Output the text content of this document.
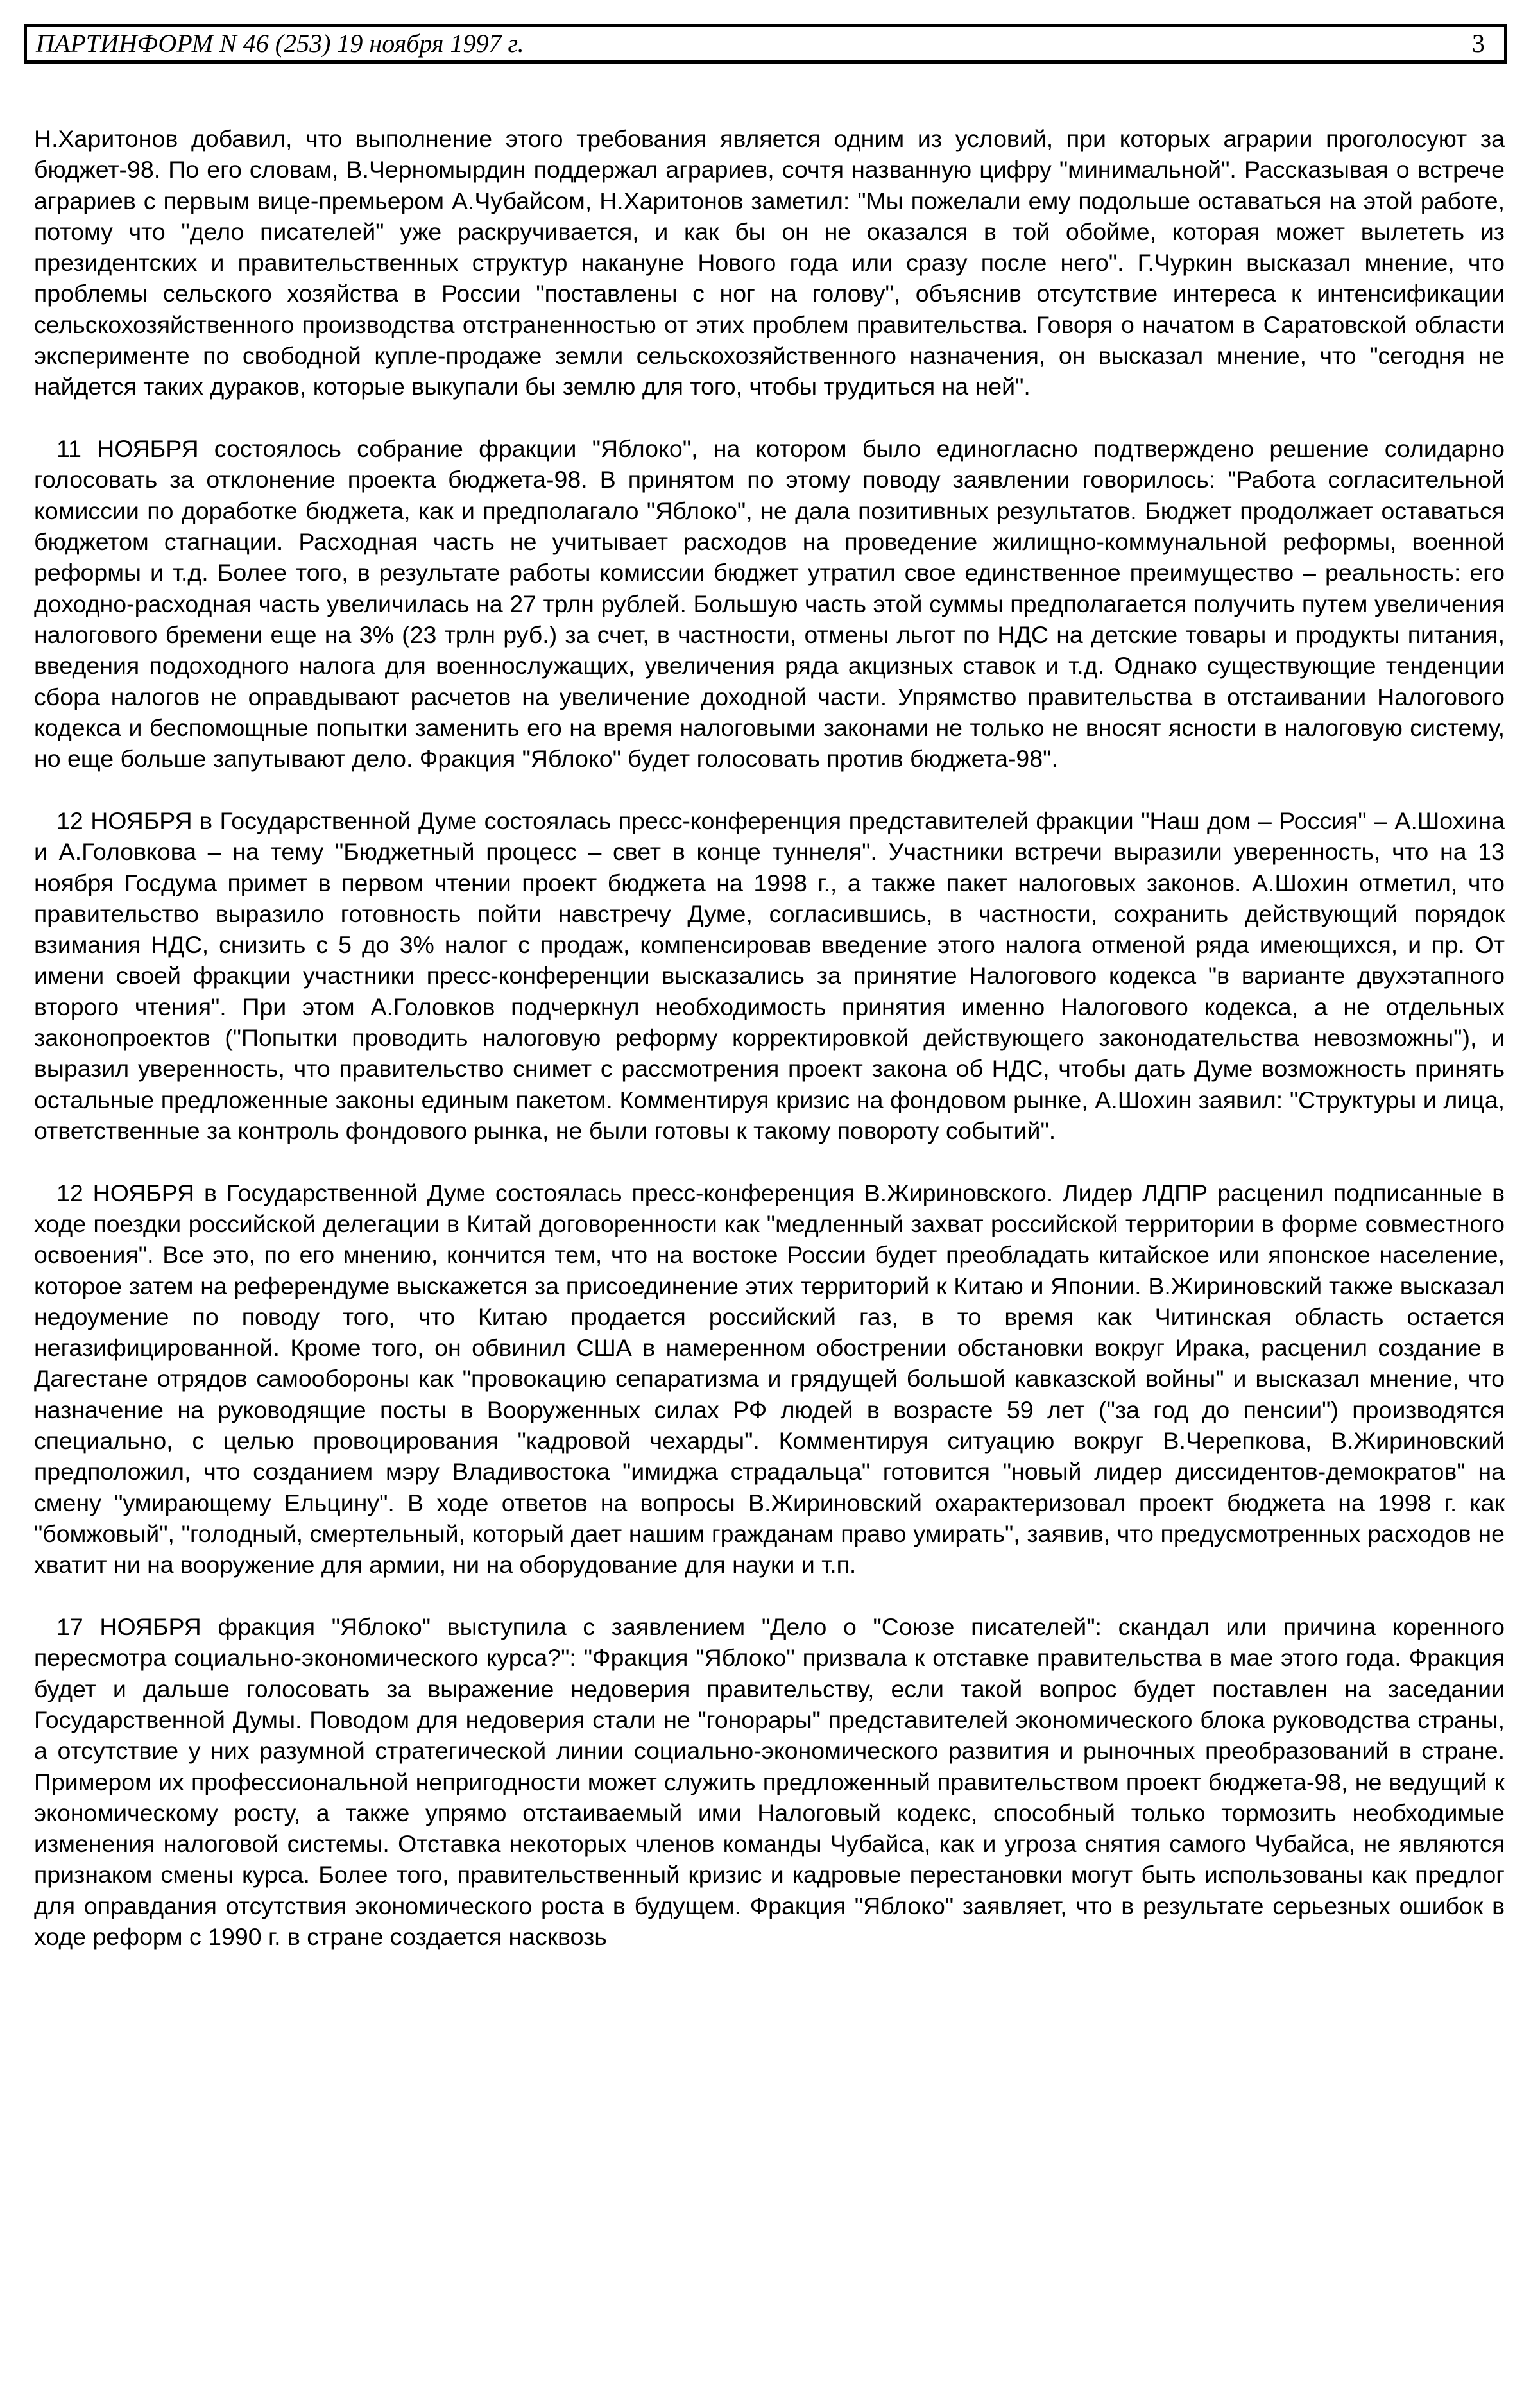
ПАРТИНФОРМ N 46 (253) 19 ноября 1997 г.	3

Н.Харитонов добавил, что выполнение этого требования является одним из условий, при которых аграрии проголосуют за бюджет-98. По его словам, В.Черномырдин поддержал аграриев, сочтя названную цифру "минимальной". Рассказывая о встрече аграриев с первым вице-премьером А.Чубайсом, Н.Харитонов заметил: "Мы пожелали ему подольше оставаться на этой работе, потому что "дело писателей" уже раскручивается, и как бы он не оказался в той обойме, которая может вылететь из президентских и правительственных структур накануне Нового года или сразу после него". Г.Чуркин высказал мнение, что проблемы сельского хозяйства в России "поставлены с ног на голову", объяснив отсутствие интереса к интенсификации сельскохозяйственного производства отстраненностью от этих проблем правительства. Говоря о начатом в Саратовской области эксперименте по свободной купле-продаже земли сельскохозяйственного назначения, он высказал мнение, что "сегодня не найдется таких дураков, которые выкупали бы землю для того, чтобы трудиться на ней".

11 НОЯБРЯ состоялось собрание фракции "Яблоко", на котором было единогласно подтверждено решение солидарно голосовать за отклонение проекта бюджета-98. В принятом по этому поводу заявлении говорилось: "Работа согласительной комиссии по доработке бюджета, как и предполагало "Яблоко", не дала позитивных результатов. Бюджет продолжает оставаться бюджетом стагнации. Расходная часть не учитывает расходов на проведение жилищно-коммунальной реформы, военной реформы и т.д. Более того, в результате работы комиссии бюджет утратил свое единственное преимущество – реальность: его доходно-расходная часть увеличилась на 27 трлн рублей. Большую часть этой суммы предполагается получить путем увеличения налогового бремени еще на 3% (23 трлн руб.) за счет, в частности, отмены льгот по НДС на детские товары и продукты питания, введения подоходного налога для военнослужащих, увеличения ряда акцизных ставок и т.д. Однако существующие тенденции сбора налогов не оправдывают расчетов на увеличение доходной части. Упрямство правительства в отстаивании Налогового кодекса и беспомощные попытки заменить его на время налоговыми законами не только не вносят ясности в налоговую систему, но еще больше запутывают дело. Фракция "Яблоко" будет голосовать против бюджета-98".

12 НОЯБРЯ в Государственной Думе состоялась пресс-конференция представителей фракции "Наш дом – Россия" – А.Шохина и А.Головкова – на тему "Бюджетный процесс – свет в конце туннеля". Участники встречи выразили уверенность, что на 13 ноября Госдума примет в первом чтении проект бюджета на 1998 г., а также пакет налоговых законов. А.Шохин отметил, что правительство выразило готовность пойти навстречу Думе, согласившись, в частности, сохранить действующий порядок взимания НДС, снизить с 5 до 3% налог с продаж, компенсировав введение этого налога отменой ряда имеющихся, и пр. От имени своей фракции участники пресс-конференции высказались за принятие Налогового кодекса "в варианте двухэтапного второго чтения". При этом А.Головков подчеркнул необходимость принятия именно Налогового кодекса, а не отдельных законопроектов ("Попытки проводить налоговую реформу корректировкой действующего законодательства невозможны"), и выразил уверенность, что правительство снимет с рассмотрения проект закона об НДС, чтобы дать Думе возможность принять остальные предложенные законы единым пакетом. Комментируя кризис на фондовом рынке, А.Шохин заявил: "Структуры и лица, ответственные за контроль фондового рынка, не были готовы к такому повороту событий".

12 НОЯБРЯ в Государственной Думе состоялась пресс-конференция В.Жириновского. Лидер ЛДПР расценил подписанные в ходе поездки российской делегации в Китай договоренности как "медленный захват российской территории в форме совместного освоения". Все это, по его мнению, кончится тем, что на востоке России будет преобладать китайское или японское население, которое затем на референдуме выскажется за присоединение этих территорий к Китаю и Японии. В.Жириновский также высказал недоумение по поводу того, что Китаю продается российский газ, в то время как Читинская область остается негазифицированной. Кроме того, он обвинил США в намеренном обострении обстановки вокруг Ирака, расценил создание в Дагестане отрядов самообороны как "провокацию сепаратизма и грядущей большой кавказской войны" и высказал мнение, что назначение на руководящие посты в Вооруженных силах РФ людей в возрасте 59 лет ("за год до пенсии") производятся специально, с целью провоцирования "кадровой чехарды". Комментируя ситуацию вокруг В.Черепкова, В.Жириновский предположил, что созданием мэру Владивостока "имиджа страдальца" готовится "новый лидер диссидентов-демократов" на смену "умирающему Ельцину". В ходе ответов на вопросы В.Жириновский охарактеризовал проект бюджета на 1998 г. как "бомжовый", "голодный, смертельный, который дает нашим гражданам право умирать", заявив, что предусмотренных расходов не хватит ни на вооружение для армии, ни на оборудование для науки и т.п.

17 НОЯБРЯ фракция "Яблоко" выступила с заявлением "Дело о "Союзе писателей": скандал или причина коренного пересмотра социально-экономического курса?": "Фракция "Яблоко" призвала к отставке правительства в мае этого года. Фракция будет и дальше голосовать за выражение недоверия правительству, если такой вопрос будет поставлен на заседании Государственной Думы. Поводом для недоверия стали не "гонорары" представителей экономического блока руководства страны, а отсутствие у них разумной стратегической линии социально-экономического развития и рыночных преобразований в стране. Примером их профессиональной непригодности может служить предложенный правительством проект бюджета-98, не ведущий к экономическому росту, а также упрямо отстаиваемый ими Налоговый кодекс, способный только тормозить необходимые изменения налоговой системы. Отставка некоторых членов команды Чубайса, как и угроза снятия самого Чубайса, не являются признаком смены курса. Более того, правительственный кризис и кадровые перестановки могут быть использованы как предлог для оправдания отсутствия экономического роста в будущем. Фракция "Яблоко" заявляет, что в результате серьезных ошибок в ходе реформ с 1990 г. в стране создается насквозь
